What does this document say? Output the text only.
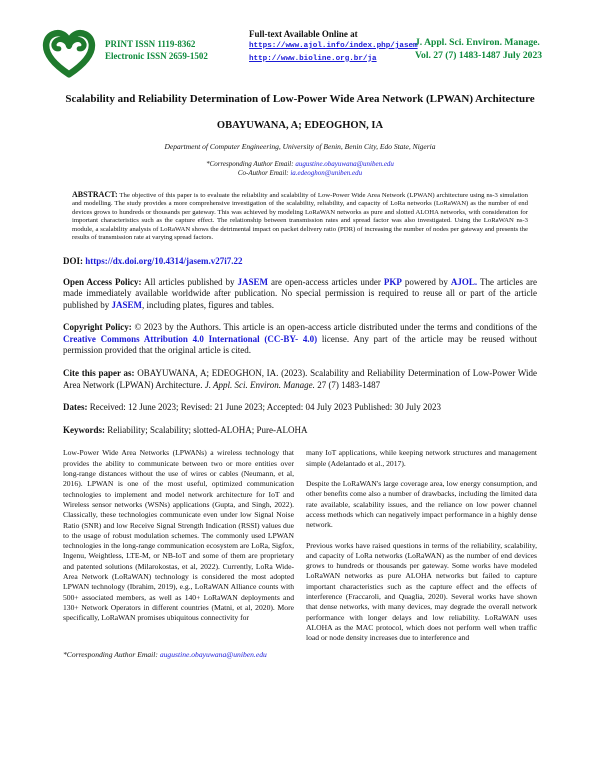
PRINT ISSN 1119-8362
Electronic ISSN 2659-1502
Full-text Available Online at
https://www.ajol.info/index.php/jasem
http://www.bioline.org.br/ja
J. Appl. Sci. Environ. Manage.
Vol. 27 (7) 1483-1487 July 2023
Scalability and Reliability Determination of Low-Power Wide Area Network (LPWAN) Architecture
OBAYUWANA, A; EDEOGHON, IA
Department of Computer Engineering, University of Benin, Benin City, Edo State, Nigeria
*Corresponding Author Email: augustine.obayuwana@uniben.edu
Co-Author Email: ia.edeoghon@uniben.edu

ABSTRACT: The objective of this paper is to evaluate the reliability and scalability of Low-Power Wide Area Network (LPWAN) architecture using ns-3 simulation and modelling. The study provides a more comprehensive investigation of the scalability, reliability, and capacity of LoRa networks (LoRaWAN) as the number of end devices grows to hundreds or thousands per gateway. This was achieved by modeling LoRaWAN networks as pure and slotted ALOHA networks, with consideration for important characteristics such as the capture effect. The relationship between transmission rates and spread factor was also investigated. Using the LoRaWAN ns-3 module, a scalability analysis of LoRaWAN shows the detrimental impact on packet delivery ratio (PDR) of increasing the number of nodes per gateway and presents the results of transmission rate at varying spread factors.

DOI: https://dx.doi.org/10.4314/jasem.v27i7.22

Open Access Policy: All articles published by JASEM are open-access articles under PKP powered by AJOL. The articles are made immediately available worldwide after publication. No special permission is required to reuse all or part of the article published by JASEM, including plates, figures and tables.

Copyright Policy: © 2023 by the Authors. This article is an open-access article distributed under the terms and conditions of the Creative Commons Attribution 4.0 International (CC-BY- 4.0) license. Any part of the article may be reused without permission provided that the original article is cited.

Cite this paper as: OBAYUWANA, A; EDEOGHON, IA. (2023). Scalability and Reliability Determination of Low-Power Wide Area Network (LPWAN) Architecture. J. Appl. Sci. Environ. Manage. 27 (7) 1483-1487

Dates: Received: 12 June 2023; Revised: 21 June 2023; Accepted: 04 July 2023 Published: 30 July 2023

Keywords: Reliability; Scalability; slotted-ALOHA; Pure-ALOHA

Low-Power Wide Area Networks (LPWANs) a wireless technology that provides the ability to communicate between two or more entities over long-range distances without the use of wires or cables (Neumann, et al, 2016). LPWAN is one of the most useful, optimized communication technologies to implement and model network architecture for IoT and Wireless sensor networks (WSNs) applications (Gupta, and Singh, 2022). Classically, these technologies communicate even under low Signal Noise Ratio (SNR) and low Receive Signal Strength Indication (RSSI) values due to the usage of robust modulation schemes. The commonly used LPWAN technologies in the long-range communication ecosystem are LoRa, Sigfox, Ingenu, Weightless, LTE-M, or NB-IoT and some of them are proprietary and patented solutions (Milarokostas, et al, 2022). Currently, LoRa Wide-Area Network (LoRaWAN) technology is considered the most adopted LPWAN technology (Ibrahim, 2019), e.g., LoRaWAN Alliance counts with 500+ associated members, as well as 140+ LoRaWAN deployments and 130+ Network Operators in different countries (Matni, et al, 2020). More specifically, LoRaWAN promises ubiquitous connectivity for

many IoT applications, while keeping network structures and management simple (Adelantado et al., 2017).

Despite the LoRaWAN's large coverage area, low energy consumption, and other benefits come also a number of drawbacks, including the limited data rate available, scalability issues, and the reliance on low power channel access methods which can negatively impact performance in a highly dense network.

Previous works have raised questions in terms of the reliability, scalability, and capacity of LoRa networks (LoRaWAN) as the number of end devices grows to hundreds or thousands per gateway. Some works have modeled LoRaWAN networks as pure ALOHA networks but failed to capture important characteristics such as the capture effect and the effects of interference (Fraccaroli, and Quaglia, 2020). Several works have shown that dense networks, with many devices, may degrade the overall network performance with longer delays and low reliability. LoRaWAN uses ALOHA as the MAC protocol, which does not perform well when traffic load or node density increases due to interference and

*Corresponding Author Email: augustine.obayuwana@uniben.edu
